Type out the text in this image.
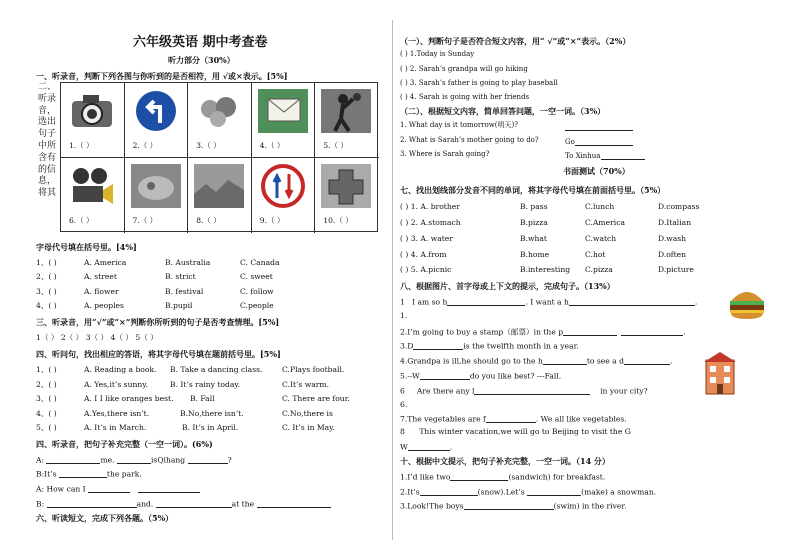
六年级英语 期中考查卷
听力部分（30%）
一、听录音，判断下列各图与你听到的是否相符，用 √或×表示。[5%]
二、听录音，选出句子中所含有的信息，将其
1.（ ）	2.（ ）	3.（ ）	4.（ ）	5.（ ）
6.（ ）	7.（ ）	8.（ ）	9.（ ）	10.（ ）
字母代号填在括号里。[4%]
1、( )	A. America	B. Australia	C. Canada
2、( )	A. street	B. strict	C. sweet
3、( )	A. flower	B. festival	C. follow
4、( )	A. peoples	B.pupil	C.people
三、听录音，用“√”或“×”判断你所听到的句子是否考查情理。[5%]
1（ ） 2（ ） 3（ ） 4（ ） 5（ ）
四、听问句，找出相应的答语，将其字母代号填在题前括号里。[5%]
1、( )	A. Reading a book. B. Take a dancing class.	C.Plays football.
2、( )	A. Yes,it’s sunny.	B. It’s rainy today.	C.It’s warm.
3、( )	A. I I like oranges best. B. Fall	C. There are four.
4、( )	A.Yes,there isn’t.	B.No,there isn’t.	C.No,there is
5、( )	A. It’s in March.	B. It’s in April.	C. It’s in May.
四、听录音，把句子补充完整（一空一词）。(6%)
A:	me.	isQihang	?
B:It’s	the park.
A: How can I
B:	and.	at the
六、听读短文，完成下列各题。（5%）
（一）、判断句子是否符合短文内容，用“ √”或“×”表示。（2%）
( ) 1.Today is Sunday
( ) 2. Sarah’s grandpa will go hiking
( ) 3. Sarah’s father is going to play baseball
( ) 4. Sarah is going with her friends
（二）、根据短文内容，简单回答问题，一空一词。（3%）
1. What day is it tomorrow(明天)?
2. What is Sarah’s mother going to do?	Go
3. Where is Sarah going?	To Xinhua
书面测试（70%）
七、找出划线部分发音不同的单词，将其字母代号填在前面括号里。（5%）
( ) 1. A. brother	B. pass	C.lunch	D.compass
( ) 2. A.stomach	B.pizza	C.America	D.Italian
( ) 3. A. water	B.what	C.watch	D.wash
( ) 4. A.from	B.home	C.hot	D.often
( ) 5. A.picnic	B.interesting C.pizza	D.picture
八、根据图片、首字母或上下文的提示，完成句子。（13%）
1 I am so h	. I want a h	.
1.
2.I’m going to buy a stamp（邮票）in the p	.
3.D	is the twelfth month in a year.
4.Grandpa is ill,he should go to the h	to see a d	.
5.--W	do you like best? ---Fall.
6 Are there any l	in your city?
6.
7.The vegetables are f	. We all like vegetables.
8 This winter vacation,we will go to Beijing to visit the G
W	.
十、根据中文提示，把句子补充完整，一空一词。（14 分）
1.I’d like two	(sandwich) for breakfast.
2.It’s	(snow).Let’s	(make) a snowman.
3.Look!The boys	(swim) in the river.
